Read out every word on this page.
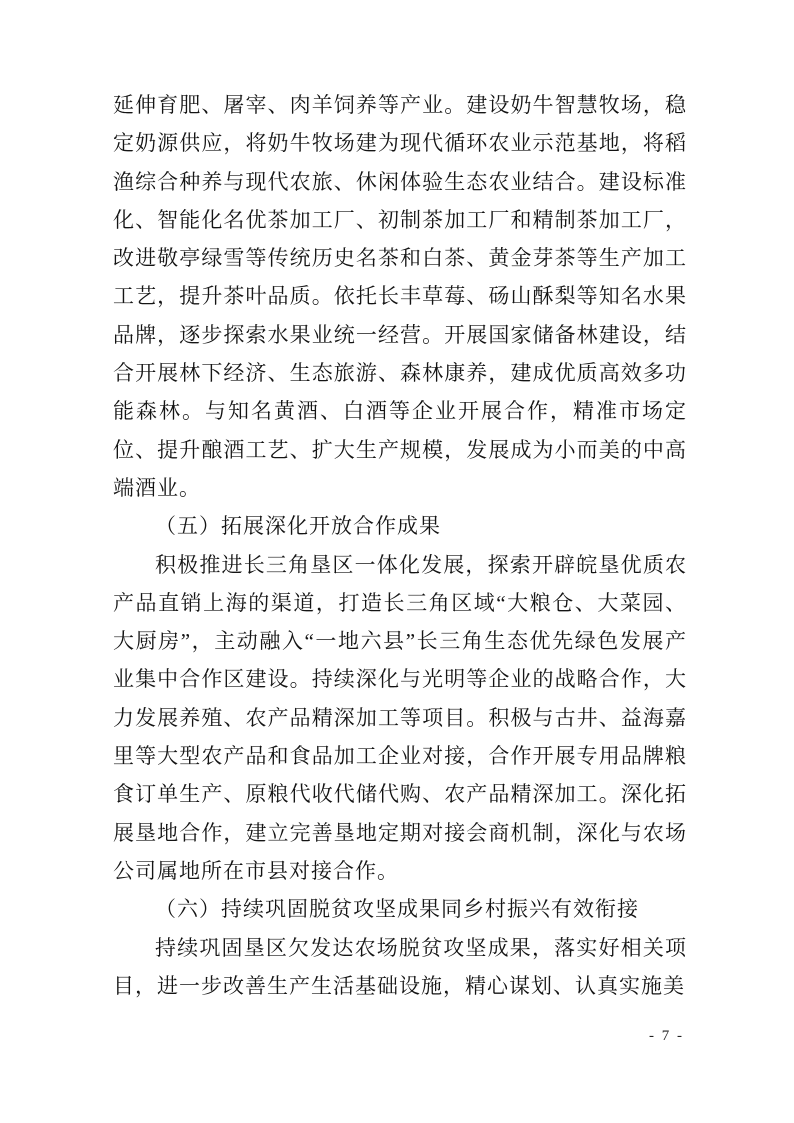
延伸育肥、屠宰、肉羊饲养等产业。建设奶牛智慧牧场，稳定奶源供应，将奶牛牧场建为现代循环农业示范基地，将稻渔综合种养与现代农旅、休闲体验生态农业结合。建设标准化、智能化名优茶加工厂、初制茶加工厂和精制茶加工厂，改进敬亭绿雪等传统历史名茶和白茶、黄金芽茶等生产加工工艺，提升茶叶品质。依托长丰草莓、砀山酥梨等知名水果品牌，逐步探索水果业统一经营。开展国家储备林建设，结合开展林下经济、生态旅游、森林康养，建成优质高效多功能森林。与知名黄酒、白酒等企业开展合作，精准市场定位、提升酿酒工艺、扩大生产规模，发展成为小而美的中高端酒业。

（五）拓展深化开放合作成果

积极推进长三角垦区一体化发展，探索开辟皖垦优质农产品直销上海的渠道，打造长三角区域“大粮仓、大菜园、大厨房”，主动融入“一地六县”长三角生态优先绿色发展产业集中合作区建设。持续深化与光明等企业的战略合作，大力发展养殖、农产品精深加工等项目。积极与古井、益海嘉里等大型农产品和食品加工企业对接，合作开展专用品牌粮食订单生产、原粮代收代储代购、农产品精深加工。深化拓展垦地合作，建立完善垦地定期对接会商机制，深化与农场公司属地所在市县对接合作。

（六）持续巩固脱贫攻坚成果同乡村振兴有效衔接

持续巩固垦区欠发达农场脱贫攻坚成果，落实好相关项目，进一步改善生产生活基础设施，精心谋划、认真实施美

- 7 -
